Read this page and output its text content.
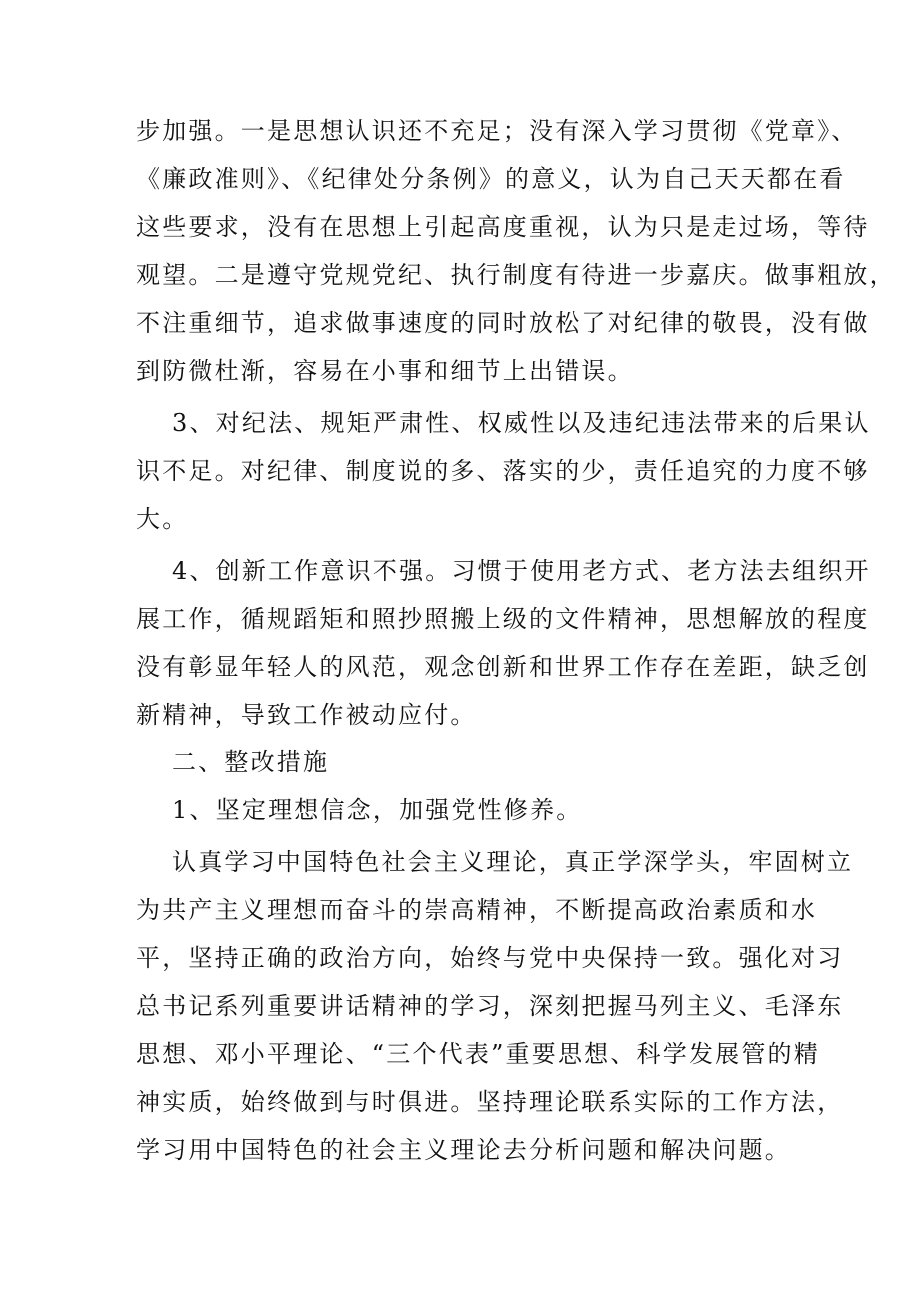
步加强。一是思想认识还不充足；没有深入学习贯彻《党章》、
《廉政准则》、《纪律处分条例》的意义，认为自己天天都在看
这些要求，没有在思想上引起高度重视，认为只是走过场，等待
观望。二是遵守党规党纪、执行制度有待进一步嘉庆。做事粗放，
不注重细节，追求做事速度的同时放松了对纪律的敬畏，没有做
到防微杜渐，容易在小事和细节上出错误。
3、对纪法、规矩严肃性、权威性以及违纪违法带来的后果认
识不足。对纪律、制度说的多、落实的少，责任追究的力度不够
大。
4、创新工作意识不强。习惯于使用老方式、老方法去组织开
展工作，循规蹈矩和照抄照搬上级的文件精神，思想解放的程度
没有彰显年轻人的风范，观念创新和世界工作存在差距，缺乏创
新精神，导致工作被动应付。
二、整改措施
1、坚定理想信念，加强党性修养。
认真学习中国特色社会主义理论，真正学深学头，牢固树立
为共产主义理想而奋斗的崇高精神，不断提高政治素质和水
平，坚持正确的政治方向，始终与党中央保持一致。强化对习
总书记系列重要讲话精神的学习，深刻把握马列主义、毛泽东
思想、邓小平理论、“三个代表”重要思想、科学发展管的精
神实质，始终做到与时俱进。坚持理论联系实际的工作方法，
学习用中国特色的社会主义理论去分析问题和解决问题。
